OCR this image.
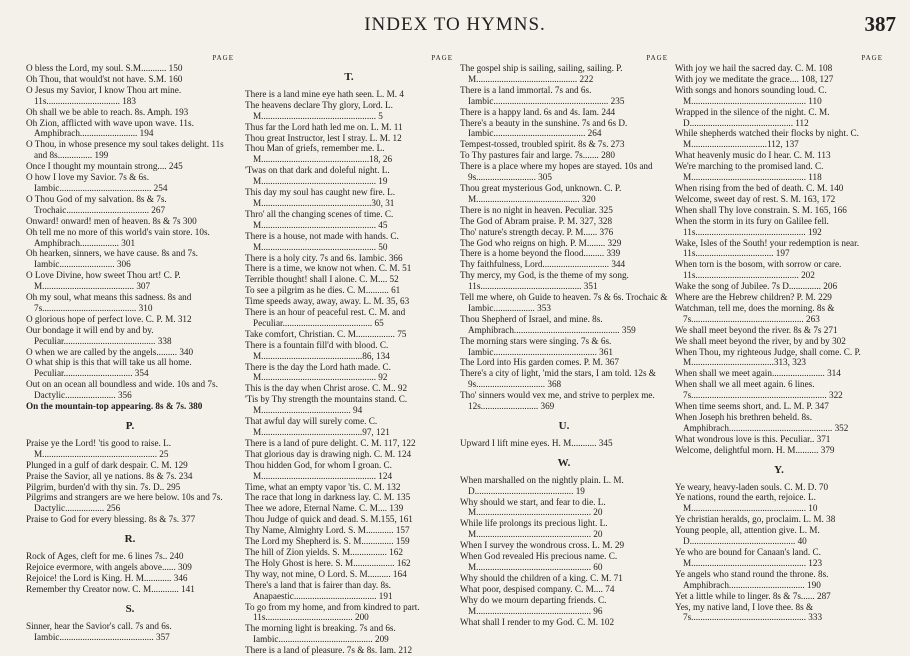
INDEX TO HYMNS.	387
PAGE
O bless the Lord, my soul. S.M........... 150
Oh Thou, that would'st not have. S.M. 160
O Jesus my Savior, I know Thou art mine. 11s................................ 183
Oh shall we be able to reach. 8s. Amph. 193
Oh Zion, afflicted with wave upon wave. 11s. Amphibrach......................... 194
O Thou, in whose presence my soul takes delight. 11s and 8s............... 199
Once I thought my mountain strong.... 245
O how I love my Savior. 7s & 6s. Iambic........................................ 254
O Thou God of my salvation. 8s & 7s. Trochaic.................................... 267
Onward! onward! men of heaven. 8s & 7s 300
Oh tell me no more of this world's vain store. 10s. Amphibrach................. 301
Oh hearken, sinners, we have cause. 8s and 7s. Iambic........................ 306
O Love Divine, how sweet Thou art! C. P. M........................................ 307
Oh my soul, what means this sadness. 8s and 7s......................................... 310
O glorious hope of perfect love. C. P. M. 312
Our bondage it will end by and by. Peculiar........................................ 338
O when we are called by the angels......... 340
O what ship is this that will take us all home. Peculiar.............................. 354
Out on an ocean all boundless and wide. 10s and 7s. Dactylic...................... 356
On the mountain-top appearing. 8s & 7s. 380
P.
Praise ye the Lord! 'tis good to raise. L. M.................................................. 25
Plunged in a gulf of dark despair. C. M. 129
Praise the Savior, all ye nations. 8s & 7s. 234
Pilgrim, burden'd with thy sin. 7s. D.. 295
Pilgrims and strangers are we here below. 10s and 7s. Dactylic................. 256
Praise to God for every blessing. 8s & 7s. 377
R.
Rock of Ages, cleft for me. 6 lines 7s.. 240
Rejoice evermore, with angels above...... 309
Rejoice! the Lord is King. H. M............ 346
Remember thy Creator now. C. M............ 141
S.
Sinner, hear the Savior's call. 7s and 6s. Iambic......................................... 357
PAGE
T.
There is a land mine eye hath seen. L. M. 4
The heavens declare Thy glory, Lord. L. M.................................................. 5
Thus far the Lord hath led me on. L. M. 11
Thou great Instructor, lest I stray. L. M. 12
Thou Man of griefs, remember me. L. M...............................................18, 26
'Twas on that dark and doleful night. L. M.................................................. 19
This day my soul has caught new fire. L. M................................................30, 31
Thro' all the changing scenes of time. C. M.................................................. 45
There is a house, not made with hands. C. M.................................................. 50
There is a holy city. 7s and 6s. Iambic. 366
There is a time, we know not when. C. M. 51
Terrible thought! shall I alone. C. M.... 52
To see a pilgrim as he dies. C. M.......... 61
Time speeds away, away, away. L. M. 35, 63
There is an hour of peaceful rest. C. M. and Peculiar....................................... 65
Take comfort, Christian. C. M................. 75
There is a fountain fill'd with blood. C. M............................................86, 134
There is the day the Lord hath made. C. M.................................................. 92
This is the day when Christ arose. C. M.. 92
'Tis by Thy strength the mountains stand. C. M....................................... 94
That awful day will surely come. C. M............................................97, 121
There is a land of pure delight. C. M. 117, 122
That glorious day is drawing nigh. C. M. 124
Thou hidden God, for whom I groan. C. M.................................................. 124
Time, what an empty vapor 'tis. C. M. 132
The race that long in darkness lay. C. M. 135
Thee we adore, Eternal Name. C. M.... 139
Thou Judge of quick and dead. S. M.155, 161
Thy Name, Almighty Lord. S. M............ 157
The Lord my Shepherd is. S. M.............. 159
The hill of Zion yields. S. M................ 162
The Holy Ghost is here. S. M.................. 162
Thy way, not mine, O Lord. S. M.......... 164
There's a land that is fairer than day. 8s. Anapaestic.................................... 191
To go from my home, and from kindred to part. 11s...................................... 200
The morning light is breaking. 7s and 6s. Iambic......................................... 209
There is a land of pleasure. 7s & 8s. Iam. 212
PAGE
The gospel ship is sailing, sailing, sailing. P. M............................................ 222
There is a land immortal. 7s and 6s. Iambic.................................................. 235
There is a happy land. 6s and 4s. Iam. 244
There's a beauty in the sunshine. 7s and 6s D. Iambic........................................ 264
Tempest-tossed, troubled spirit. 8s & 7s. 273
To Thy pastures fair and large. 7s....... 280
There is a place where my hopes are stayed. 10s and 9s.......................... 305
Thou great mysterious God, unknown. C. P. M............................................. 320
There is no night in heaven. Peculiar. 325
The God of Abram praise. P. M. 327, 328
Tho' nature's strength decay. P. M...... 376
The God who reigns on high. P. M........ 329
There is a home beyond the flood......... 339
Thy faithfulness, Lord............................. 344
Thy mercy, my God, is the theme of my song. 11s............................................ 351
Tell me where, oh Guide to heaven. 7s & 6s. Trochaic & Iambic.................. 353
Thou Shepherd of Israel, and mine. 8s. Amphibrach.............................................. 359
The morning stars were singing. 7s & 6s. Iambic............................................. 361
The Lord into His garden comes. P. M. 367
There's a city of light, 'mid the stars, I am told. 12s & 9s.............................. 368
Tho' sinners would vex me, and strive to perplex me. 12s......................... 369
U.
Upward I lift mine eyes. H. M........... 345
W.
When marshalled on the nightly plain. L. M. D........................................... 19
Why should we start, and fear to die. L. M.................................................. 20
While life prolongs its precious light. L. M.................................................. 20
When I survey the wondrous cross. L. M. 29
When God revealed His precious name. C. M.................................................. 60
Why should the children of a king. C. M. 71
What poor, despised company. C. M.... 74
Why do we mourn departing friends. C. M.................................................. 96
What shall I render to my God. C. M. 102
PAGE
With joy we hail the sacred day. C. M. 108
With joy we meditate the grace.... 108, 127
With songs and honors sounding loud. C. M.................................................. 110
Wrapped in the silence of the night. C. M. D............................................. 112
While shepherds watched their flocks by night. C. M.................................112, 137
What heavenly music do I hear. C. M. 113
We're marching to the promised land. C. M.................................................. 118
When rising from the bed of death. C. M. 140
Welcome, sweet day of rest. S. M. 163, 172
When shall Thy love constrain. S. M. 165, 166
When the storm in its fury on Galilee fell. 11s................................................ 192
Wake, Isles of the South! your redemption is near. 11s.................................. 197
When torn is the bosom, with sorrow or care. 11s............................................. 202
Wake the song of Jubilee. 7s D.............. 206
Where are the Hebrew children? P. M. 229
Watchman, tell me, does the morning. 8s & 7s................................................. 263
We shall meet beyond the river. 8s & 7s 271
We shall meet beyond the river, by and by 302
When Thou, my righteous Judge, shall come. C. P. M....................................313, 323
When shall we meet again....................... 314
When shall we all meet again. 6 lines. 7s........................................................... 322
When time seems short, and. L. M. P. 347
When Joseph his brethren beheld. 8s. Amphibrach............................................. 352
What wondrous love is this. Peculiar.. 371
Welcome, delightful morn. H. M.......... 379
Y.
Ye weary, heavy-laden souls. C. M. D. 70
Ye nations, round the earth, rejoice. L. M.................................................. 10
Ye christian heralds, go, proclaim. L. M. 38
Young people, all, attention give. L. M. D.............................................. 40
Ye who are bound for Canaan's land. C. M.................................................. 123
Ye angels who stand round the throne. 8s. Amphibrach................................. 190
Yet a little while to linger. 8s & 7s...... 287
Yes, my native land, I love thee. 8s & 7s.................................................. 333
